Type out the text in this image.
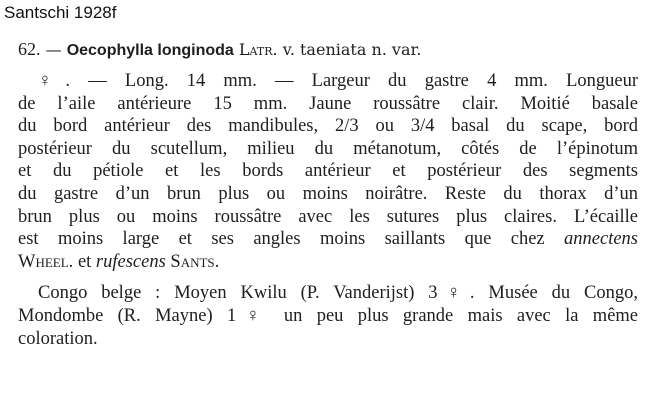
Santschi 1928f
62. — Oecophylla longinoda Latr. v. taeniata n. var.
♀. — Long. 14 mm. — Largeur du gastre 4 mm. Longueur
de l’aile antérieure 15 mm. Jaune roussâtre clair. Moitié basale
du bord antérieur des mandibules, 2/3 ou 3/4 basal du scape, bord
postérieur du scutellum, milieu du métanotum, côtés de l’épinotum
et du pétiole et les bords antérieur et postérieur des segments
du gastre d’un brun plus ou moins noirâtre. Reste du thorax d’un
brun plus ou moins roussâtre avec les sutures plus claires. L’écaille
est moins large et ses angles moins saillants que chez annectens
Wheel. et rufescens Sants.
Congo belge : Moyen Kwilu (P. Vanderijst) 3♀. Musée du Congo,
Mondombe (R. Mayne) 1♀ un peu plus grande mais avec la même
coloration.
